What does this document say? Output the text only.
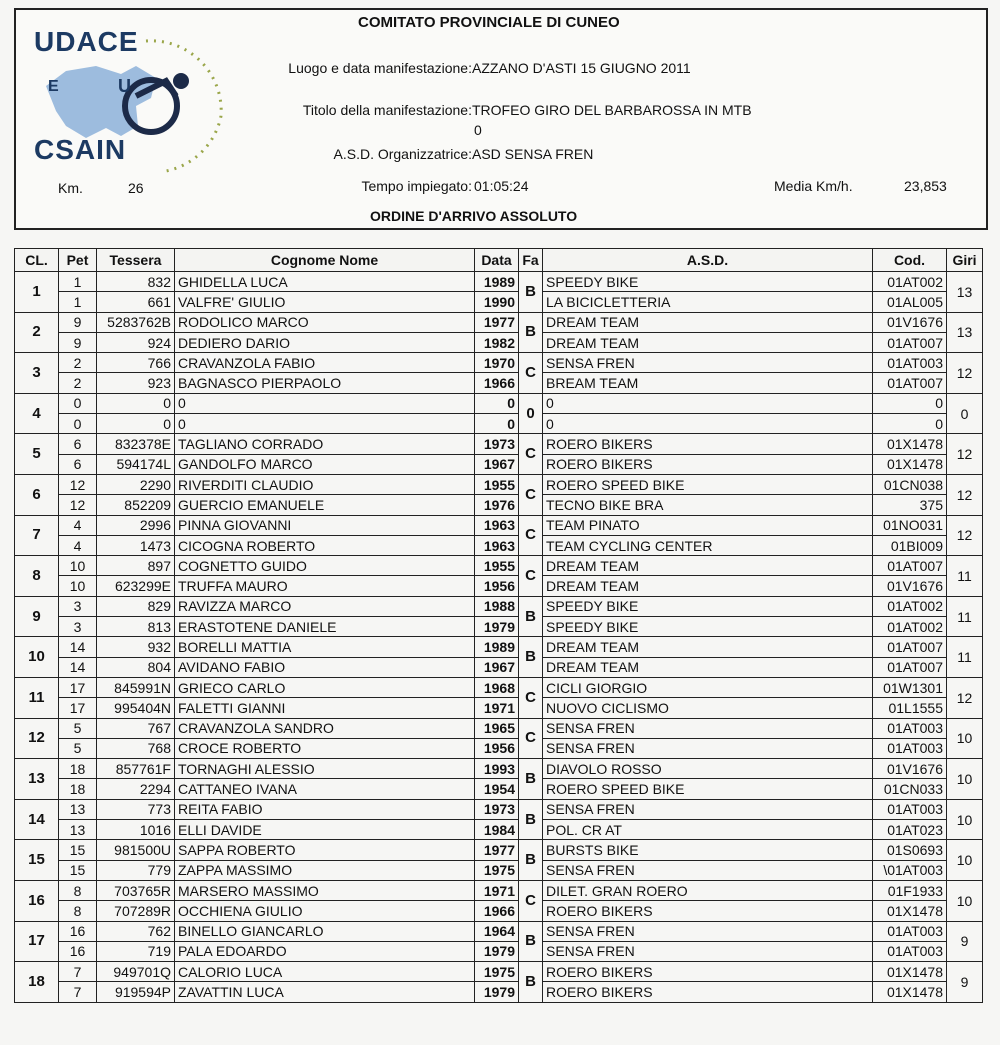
COMITATO PROVINCIALE DI CUNEO
UDACE
CSAIN
E	U
Luogo e data manifestazione: AZZANO D'ASTI 15 GIUGNO 2011
Titolo della manifestazione: TROFEO GIRO DEL BARBAROSSA IN MTB
0
A.S.D. Organizzatrice: ASD SENSA FREN
Km.	26	Tempo impiegato: 01:05:24	Media Km/h.	23,853
ORDINE D'ARRIVO ASSOLUTO
CL.	Pet	Tessera	Cognome Nome	Data	Fa	A.S.D.	Cod.	Giri
1	1	832	GHIDELLA LUCA	1989	B	SPEEDY BIKE	01AT002	13
	1	661	VALFRE' GIULIO	1990		LA BICICLETTERIA	01AL005	
2	9	5283762B	RODOLICO MARCO	1977	B	DREAM TEAM	01V1676	13
	9	924	DEDIERO DARIO	1982		DREAM TEAM	01AT007	
3	2	766	CRAVANZOLA FABIO	1970	C	SENSA FREN	01AT003	12
	2	923	BAGNASCO PIERPAOLO	1966		BREAM TEAM	01AT007	
4	0	0	0	0	0	0	0	0
	0	0	0	0		0	0	
5	6	832378E	TAGLIANO CORRADO	1973	C	ROERO BIKERS	01X1478	12
	6	594174L	GANDOLFO MARCO	1967		ROERO BIKERS	01X1478	
6	12	2290	RIVERDITI CLAUDIO	1955	C	ROERO SPEED BIKE	01CN038	12
	12	852209	GUERCIO EMANUELE	1976		TECNO BIKE BRA	375	
7	4	2996	PINNA GIOVANNI	1963	C	TEAM PINATO	01NO031	12
	4	1473	CICOGNA ROBERTO	1963		TEAM CYCLING CENTER	01BI009	
8	10	897	COGNETTO GUIDO	1955	C	DREAM TEAM	01AT007	11
	10	623299E	TRUFFA MAURO	1956		DREAM TEAM	01V1676	
9	3	829	RAVIZZA MARCO	1988	B	SPEEDY BIKE	01AT002	11
	3	813	ERASTOTENE DANIELE	1979		SPEEDY BIKE	01AT002	
10	14	932	BORELLI MATTIA	1989	B	DREAM TEAM	01AT007	11
	14	804	AVIDANO FABIO	1967		DREAM TEAM	01AT007	
11	17	845991N	GRIECO CARLO	1968	C	CICLI GIORGIO	01W1301	12
	17	995404N	FALETTI GIANNI	1971		NUOVO CICLISMO	01L1555	
12	5	767	CRAVANZOLA SANDRO	1965	C	SENSA FREN	01AT003	10
	5	768	CROCE ROBERTO	1956		SENSA FREN	01AT003	
13	18	857761F	TORNAGHI ALESSIO	1993	B	DIAVOLO ROSSO	01V1676	10
	18	2294	CATTANEO IVANA	1954		ROERO SPEED BIKE	01CN033	
14	13	773	REITA FABIO	1973	B	SENSA FREN	01AT003	10
	13	1016	ELLI DAVIDE	1984		POL. CR AT	01AT023	
15	15	981500U	SAPPA ROBERTO	1977	B	BURSTS BIKE	01S0693	10
	15	779	ZAPPA MASSIMO	1975		SENSA FREN	\01AT003	
16	8	703765R	MARSERO MASSIMO	1971	C	DILET. GRAN ROERO	01F1933	10
	8	707289R	OCCHIENA GIULIO	1966		ROERO BIKERS	01X1478	
17	16	762	BINELLO GIANCARLO	1964	B	SENSA FREN	01AT003	9
	16	719	PALA EDOARDO	1979		SENSA FREN	01AT003	
18	7	949701Q	CALORIO LUCA	1975	B	ROERO BIKERS	01X1478	9
	7	919594P	ZAVATTIN LUCA	1979		ROERO BIKERS	01X1478	
